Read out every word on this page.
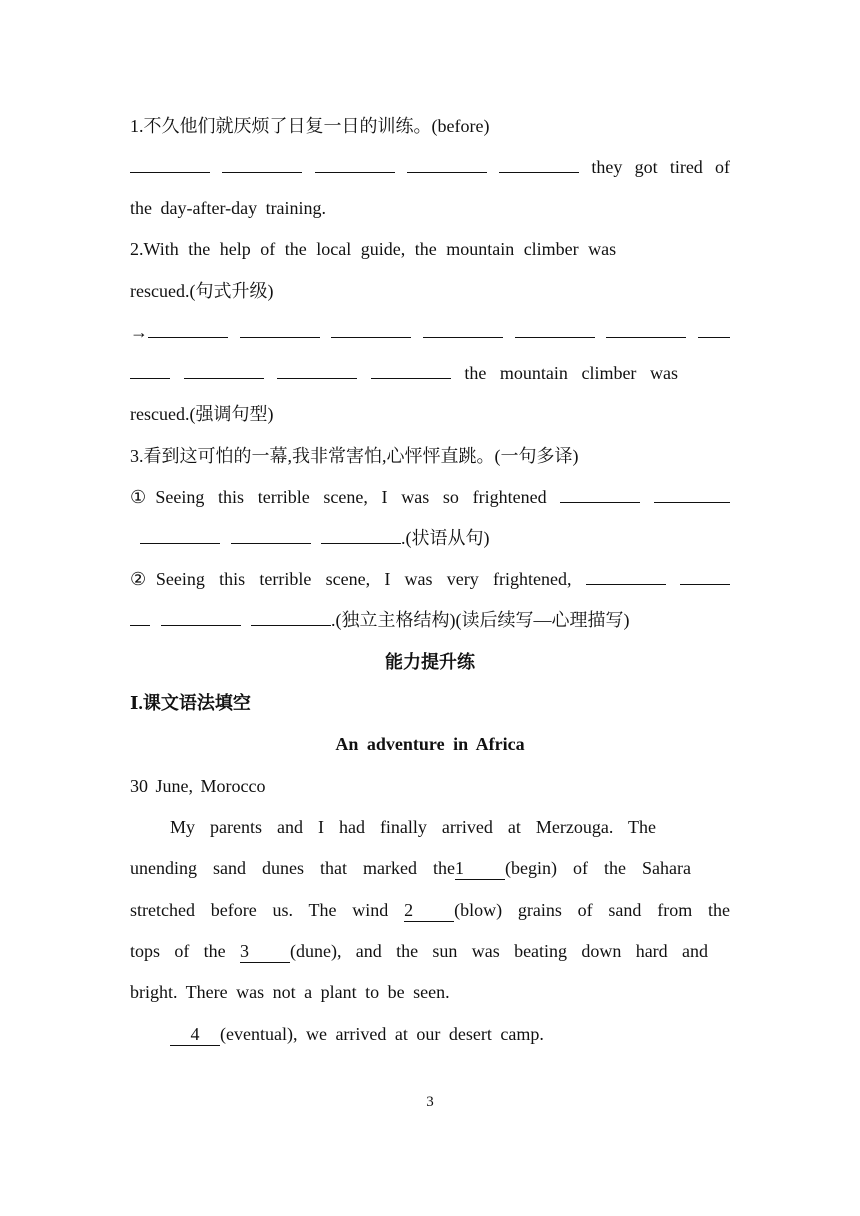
1.不久他们就厌烦了日复一日的训练。(before)
they got tired of
the day-after-day training.
2.With the help of the local guide, the mountain climber was
rescued.(句式升级)
→
the mountain climber was
rescued.(强调句型)
3.看到这可怕的一幕,我非常害怕,心怦怦直跳。(一句多译)
①Seeing this terrible scene, I was so frightened
.(状语从句)
②Seeing this terrible scene, I was very frightened,
.(独立主格结构)(读后续写—心理描写)
能力提升练
Ⅰ.课文语法填空
An adventure in Africa
30 June, Morocco
My parents and I had finally arrived at Merzouga. The
unending sand dunes that marked the1 (begin) of the Sahara
stretched before us. The wind 2 (blow) grains of sand from the
tops of the 3 (dune), and the sun was beating down hard and
bright. There was not a plant to be seen.
4 (eventual), we arrived at our desert camp.
3
